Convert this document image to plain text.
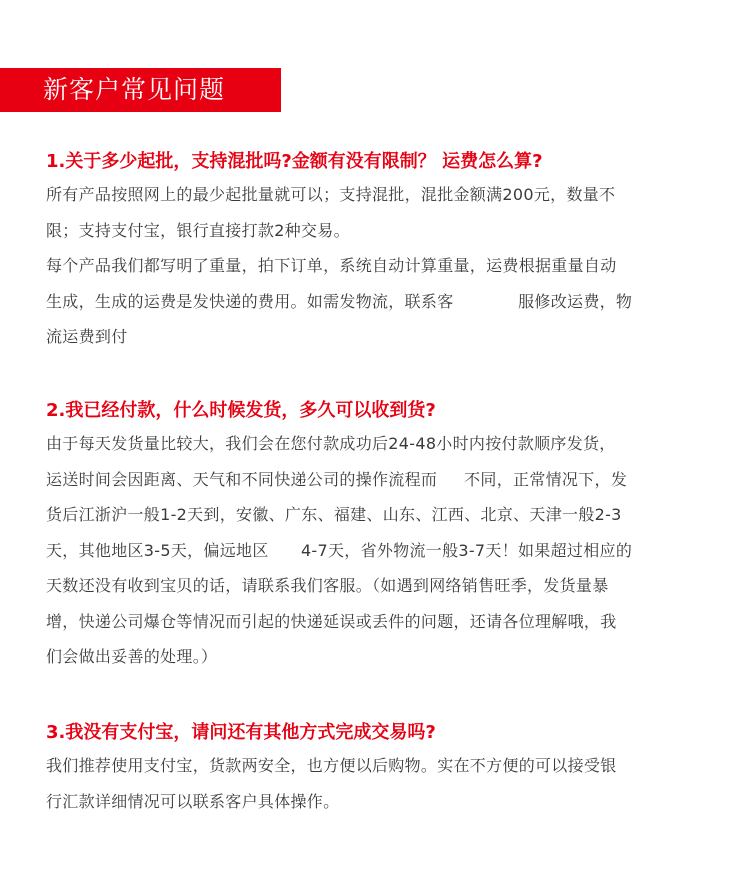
新客户常见问题
1.关于多少起批，支持混批吗?金额有没有限制？ 运费怎么算?
所有产品按照网上的最少起批量就可以；支持混批，混批金额满200元，数量不
限；支持支付宝，银行直接打款2种交易。
每个产品我们都写明了重量，拍下订单，系统自动计算重量，运费根据重量自动
生成，生成的运费是发快递的费用。如需发物流，联系客            服修改运费，物
流运费到付
2.我已经付款，什么时候发货，多久可以收到货?
由于每天发货量比较大，我们会在您付款成功后24-48小时内按付款顺序发货，
运送时间会因距离、天气和不同快递公司的操作流程而     不同，正常情况下，发
货后江浙沪一般1-2天到，安徽、广东、福建、山东、江西、北京、天津一般2-3
天，其他地区3-5天，偏远地区      4-7天，省外物流一般3-7天！如果超过相应的
天数还没有收到宝贝的话，请联系我们客服。（如遇到网络销售旺季，发货量暴
增，快递公司爆仓等情况而引起的快递延误或丢件的问题，还请各位理解哦，我
们会做出妥善的处理。）
3.我没有支付宝，请问还有其他方式完成交易吗?
我们推荐使用支付宝，货款两安全，也方便以后购物。实在不方便的可以接受银
行汇款详细情况可以联系客户具体操作。
